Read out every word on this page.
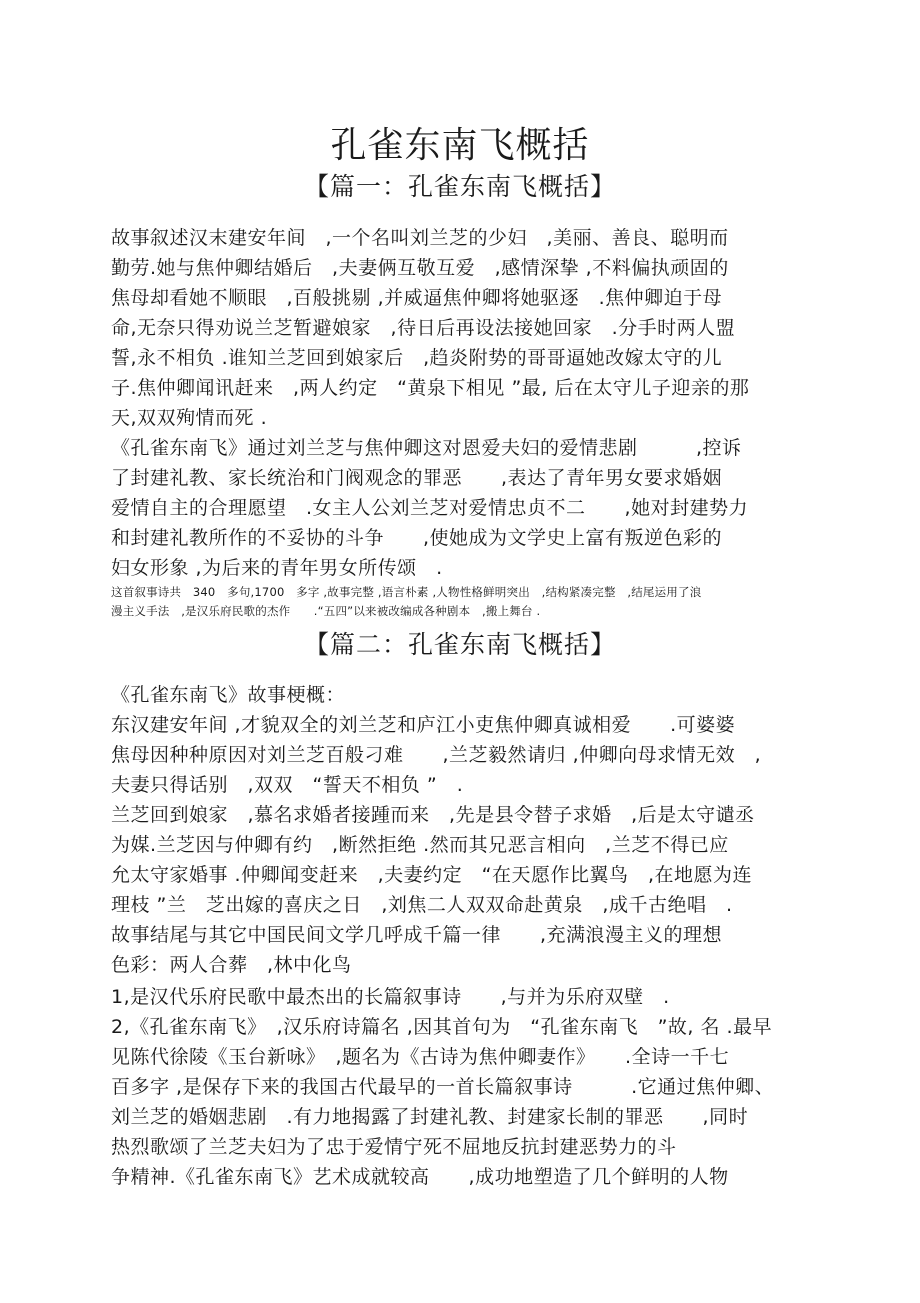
孔雀东南飞概括
【篇一：孔雀东南飞概括】
故事叙述汉末建安年间　,一个名叫刘兰芝的少妇　,美丽、善良、聪明而
勤劳.她与焦仲卿结婚后　,夫妻俩互敬互爱　,感情深挚 ,不料偏执顽固的
焦母却看她不顺眼　,百般挑剔 ,并威逼焦仲卿将她驱逐　.焦仲卿迫于母
命,无奈只得劝说兰芝暂避娘家　,待日后再设法接她回家　.分手时两人盟
誓,永不相负 .谁知兰芝回到娘家后　,趋炎附势的哥哥逼她改嫁太守的儿
子.焦仲卿闻讯赶来　,两人约定　“黄泉下相见 ”最, 后在太守儿子迎亲的那
天,双双殉情而死 .
《孔雀东南飞》通过刘兰芝与焦仲卿这对恩爱夫妇的爱情悲剧　　　,控诉
了封建礼教、家长统治和门阀观念的罪恶　　,表达了青年男女要求婚姻
爱情自主的合理愿望　.女主人公刘兰芝对爱情忠贞不二　　,她对封建势力
和封建礼教所作的不妥协的斗争　　,使她成为文学史上富有叛逆色彩的
妇女形象 ,为后来的青年男女所传颂　.
这首叙事诗共　340　多句,1700　多字 ,故事完整 ,语言朴素 ,人物性格鲜明突出　,结构紧凑完整　,结尾运用了浪
漫主义手法　,是汉乐府民歌的杰作　　.“五四”以来被改编成各种剧本　,搬上舞台 .
【篇二：孔雀东南飞概括】
《孔雀东南飞》故事梗概：
东汉建安年间 ,才貌双全的刘兰芝和庐江小吏焦仲卿真诚相爱　　.可婆婆
焦母因种种原因对刘兰芝百般刁难　　,兰芝毅然请归 ,仲卿向母求情无效　,
夫妻只得话别　,双双　“誓天不相负 ”　.
兰芝回到娘家　,慕名求婚者接踵而来　,先是县令替子求婚　,后是太守谴丞
为媒.兰芝因与仲卿有约　,断然拒绝 .然而其兄恶言相向　,兰芝不得已应
允太守家婚事 .仲卿闻变赶来　,夫妻约定　“在天愿作比翼鸟　,在地愿为连
理枝 ”兰　芝出嫁的喜庆之日　,刘焦二人双双命赴黄泉　,成千古绝唱　.
故事结尾与其它中国民间文学几呼成千篇一律　　,充满浪漫主义的理想
色彩：两人合葬　,林中化鸟
1,是汉代乐府民歌中最杰出的长篇叙事诗　　,与并为乐府双壁　.
2,《孔雀东南飞》　,汉乐府诗篇名 ,因其首句为　“孔雀东南飞　”故, 名 .最早
见陈代徐陵《玉台新咏》　,题名为《古诗为焦仲卿妻作》　　.全诗一千七
百多字 ,是保存下来的我国古代最早的一首长篇叙事诗　　　.它通过焦仲卿、
刘兰芝的婚姻悲剧　.有力地揭露了封建礼教、封建家长制的罪恶　　,同时
热烈歌颂了兰芝夫妇为了忠于爱情宁死不屈地反抗封建恶势力的斗
争精神.《孔雀东南飞》艺术成就较高　　,成功地塑造了几个鲜明的人物
